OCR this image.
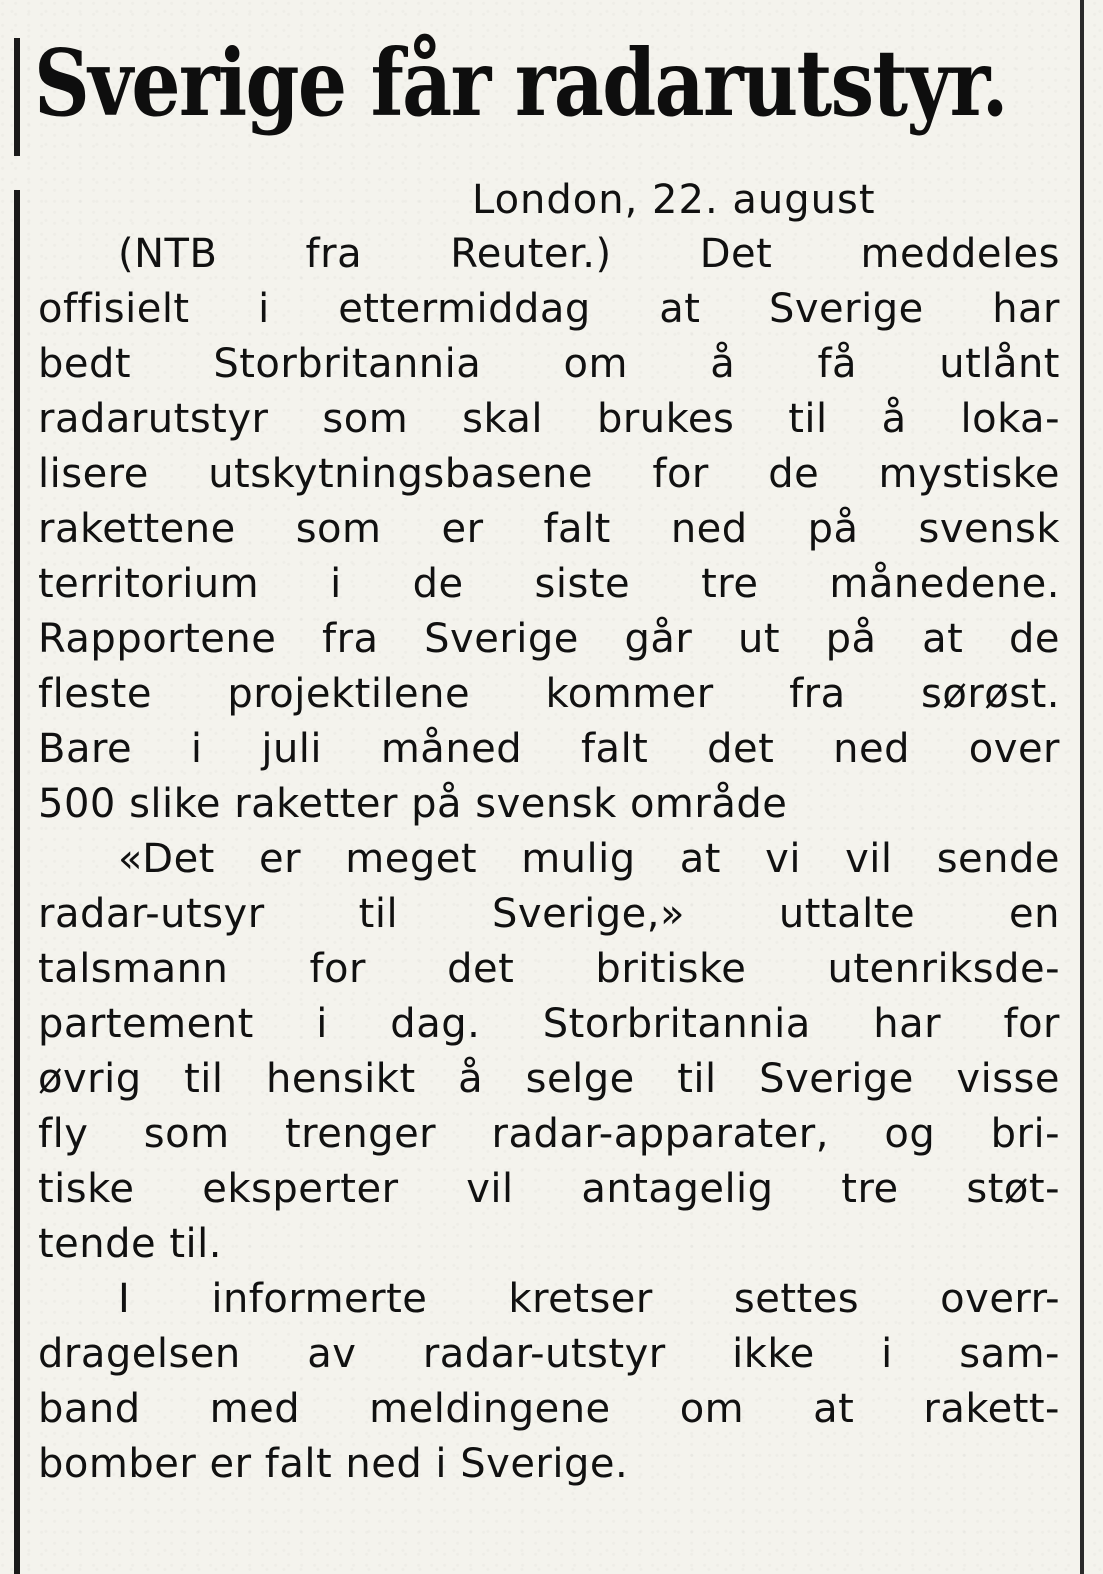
Sverige får radarutstyr.

London, 22. august

(NTB fra Reuter.) Det meddeles
offisielt i ettermiddag at Sverige har
bedt Storbritannia om å få utlånt
radarutstyr som skal brukes til å loka-
lisere utskytningsbasene for de mystiske
rakettene som er falt ned på svensk
territorium i de siste tre månedene.
Rapportene fra Sverige går ut på at de
fleste projektilene kommer fra sørøst.
Bare i juli måned falt det ned over
500 slike raketter på svensk område
«Det er meget mulig at vi vil sende
radar-utsyr til Sverige,» uttalte en
talsmann for det britiske utenriksde-
partement i dag. Storbritannia har for
øvrig til hensikt å selge til Sverige visse
fly som trenger radar-apparater, og bri-
tiske eksperter vil antagelig tre støt-
tende til.
I informerte kretser settes overr-
dragelsen av radar-utstyr ikke i sam-
band med meldingene om at rakett-
bomber er falt ned i Sverige.
